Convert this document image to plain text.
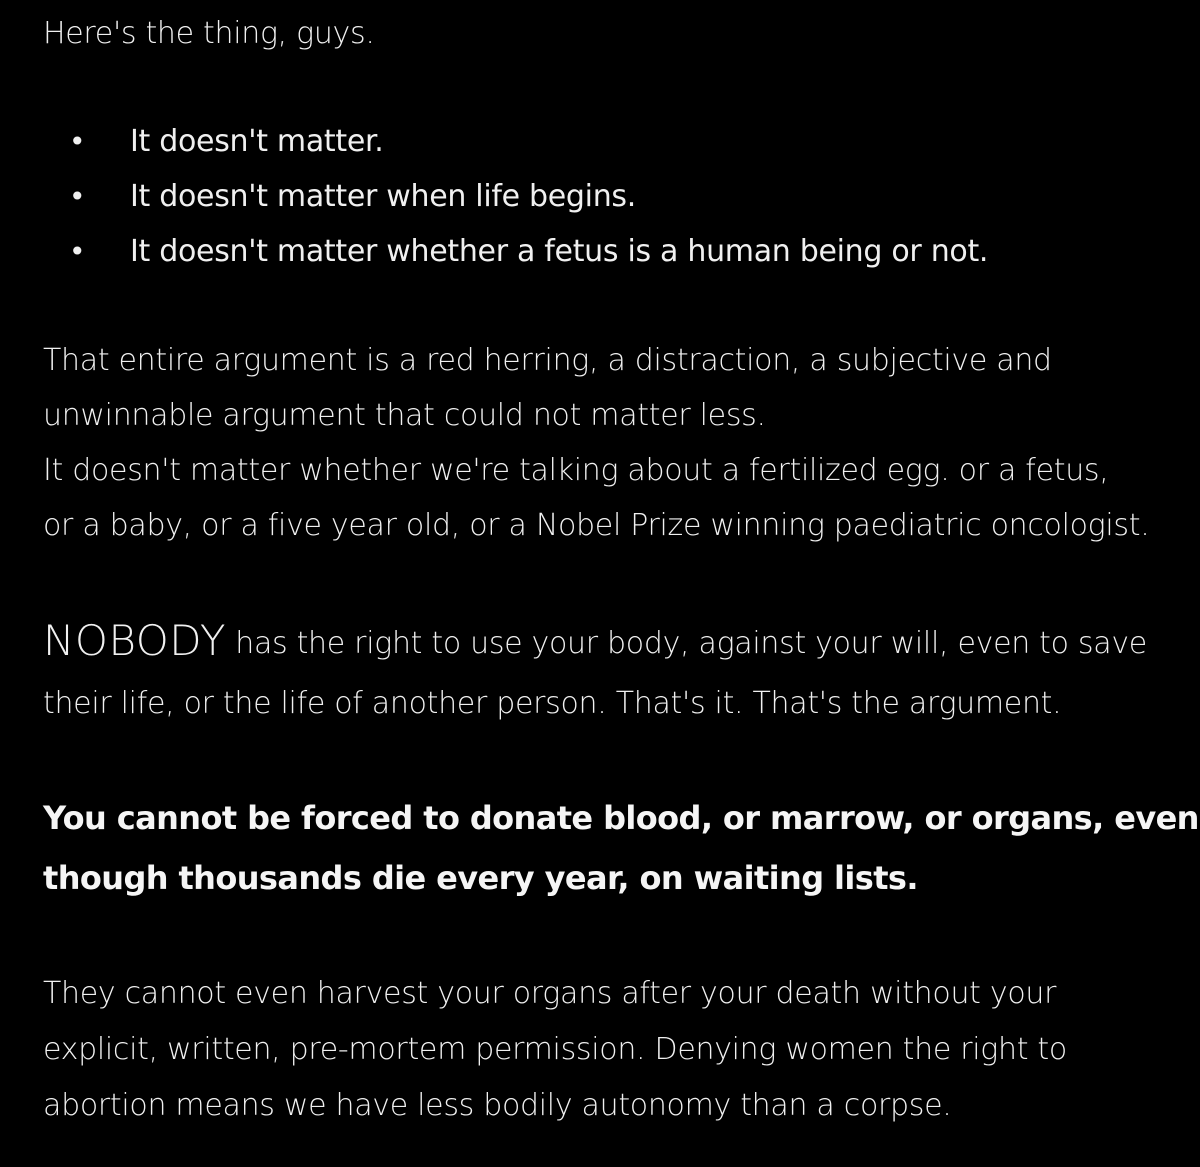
Here's the thing, guys.

• It doesn't matter.
• It doesn't matter when life begins.
• It doesn't matter whether a fetus is a human being or not.

That entire argument is a red herring, a distraction, a subjective and
unwinnable argument that could not matter less.
It doesn't matter whether we're talking about a fertilized egg. or a fetus,
or a baby, or a five year old, or a Nobel Prize winning paediatric oncologist.

NOBODY has the right to use your body, against your will, even to save
their life, or the life of another person. That's it. That's the argument.

You cannot be forced to donate blood, or marrow, or organs, even
though thousands die every year, on waiting lists.

They cannot even harvest your organs after your death without your
explicit, written, pre-mortem permission. Denying women the right to
abortion means we have less bodily autonomy than a corpse.
